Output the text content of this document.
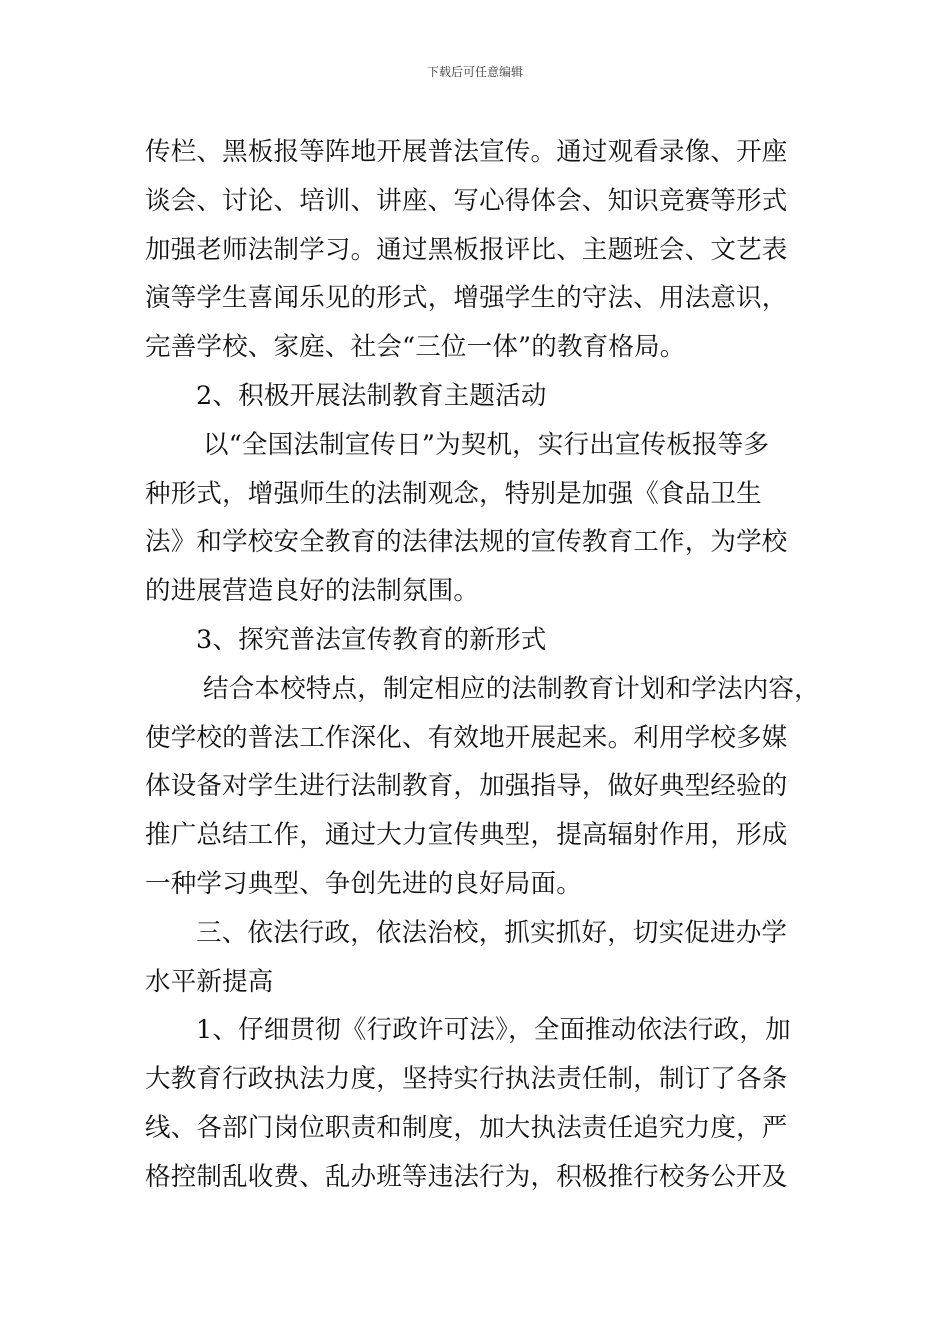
下载后可任意编辑
传栏、黑板报等阵地开展普法宣传。通过观看录像、开座
谈会、讨论、培训、讲座、写心得体会、知识竞赛等形式
加强老师法制学习。通过黑板报评比、主题班会、文艺表
演等学生喜闻乐见的形式，增强学生的守法、用法意识，
完善学校、家庭、社会“三位一体”的教育格局。
2、积极开展法制教育主题活动
以“全国法制宣传日”为契机，实行出宣传板报等多
种形式，增强师生的法制观念，特别是加强《食品卫生
法》和学校安全教育的法律法规的宣传教育工作，为学校
的进展营造良好的法制氛围。
3、探究普法宣传教育的新形式
结合本校特点，制定相应的法制教育计划和学法内容，
使学校的普法工作深化、有效地开展起来。利用学校多媒
体设备对学生进行法制教育，加强指导，做好典型经验的
推广总结工作，通过大力宣传典型，提高辐射作用，形成
一种学习典型、争创先进的良好局面。
三、依法行政，依法治校，抓实抓好，切实促进办学
水平新提高
1、仔细贯彻《行政许可法》，全面推动依法行政，加
大教育行政执法力度，坚持实行执法责任制，制订了各条
线、各部门岗位职责和制度，加大执法责任追究力度，严
格控制乱收费、乱办班等违法行为，积极推行校务公开及
